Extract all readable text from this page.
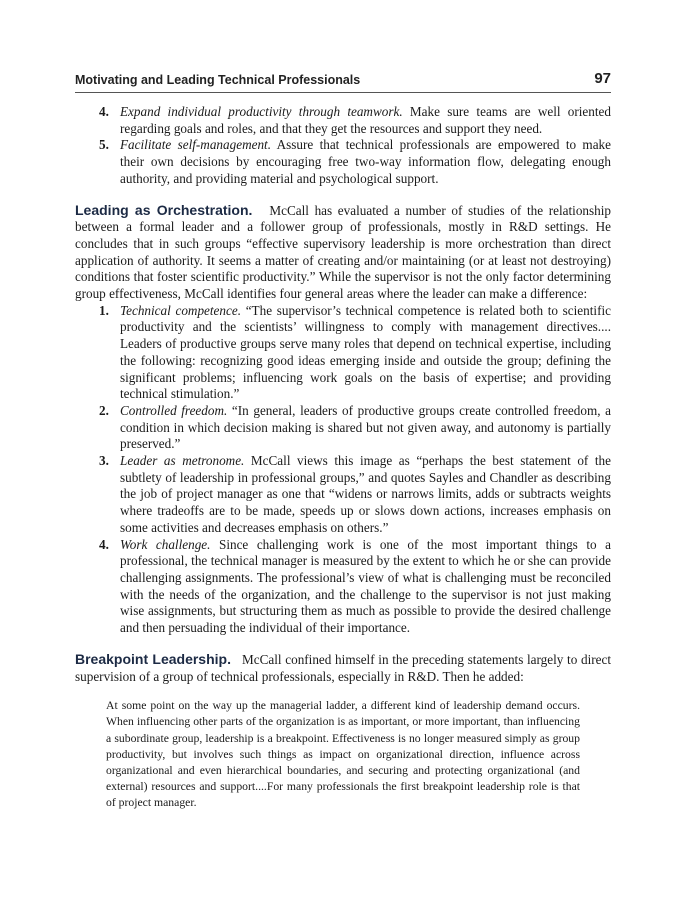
Motivating and Leading Technical Professionals	97
4. Expand individual productivity through teamwork. Make sure teams are well oriented regarding goals and roles, and that they get the resources and support they need.
5. Facilitate self-management. Assure that technical professionals are empowered to make their own decisions by encouraging free two-way information flow, delegating enough authority, and providing material and psychological support.

Leading as Orchestration. McCall has evaluated a number of studies of the relationship between a formal leader and a follower group of professionals, mostly in R&D settings. He concludes that in such groups “effective supervisory leadership is more orchestration than direct application of authority. It seems a matter of creating and/or maintaining (or at least not destroying) conditions that foster scientific productivity.” While the supervisor is not the only factor determining group effectiveness, McCall identifies four general areas where the leader can make a difference:

1. Technical competence. “The supervisor’s technical competence is related both to scientific productivity and the scientists’ willingness to comply with management directives.... Leaders of productive groups serve many roles that depend on technical expertise, including the following: recognizing good ideas emerging inside and outside the group; defining the significant problems; influencing work goals on the basis of expertise; and providing technical stimulation.”
2. Controlled freedom. “In general, leaders of productive groups create controlled freedom, a condition in which decision making is shared but not given away, and autonomy is partially preserved.”
3. Leader as metronome. McCall views this image as “perhaps the best statement of the subtlety of leadership in professional groups,” and quotes Sayles and Chandler as describing the job of project manager as one that “widens or narrows limits, adds or subtracts weights where tradeoffs are to be made, speeds up or slows down actions, increases emphasis on some activities and decreases emphasis on others.”
4. Work challenge. Since challenging work is one of the most important things to a professional, the technical manager is measured by the extent to which he or she can provide challenging assignments. The professional’s view of what is challenging must be reconciled with the needs of the organization, and the challenge to the supervisor is not just making wise assignments, but structuring them as much as possible to provide the desired challenge and then persuading the individual of their importance.

Breakpoint Leadership. McCall confined himself in the preceding statements largely to direct supervision of a group of technical professionals, especially in R&D. Then he added:

At some point on the way up the managerial ladder, a different kind of leadership demand occurs. When influencing other parts of the organization is as important, or more important, than influencing a subordinate group, leadership is a breakpoint. Effectiveness is no longer measured simply as group productivity, but involves such things as impact on organizational direction, influence across organizational and even hierarchical boundaries, and securing and protecting organizational (and external) resources and support....For many professionals the first breakpoint leadership role is that of project manager.
